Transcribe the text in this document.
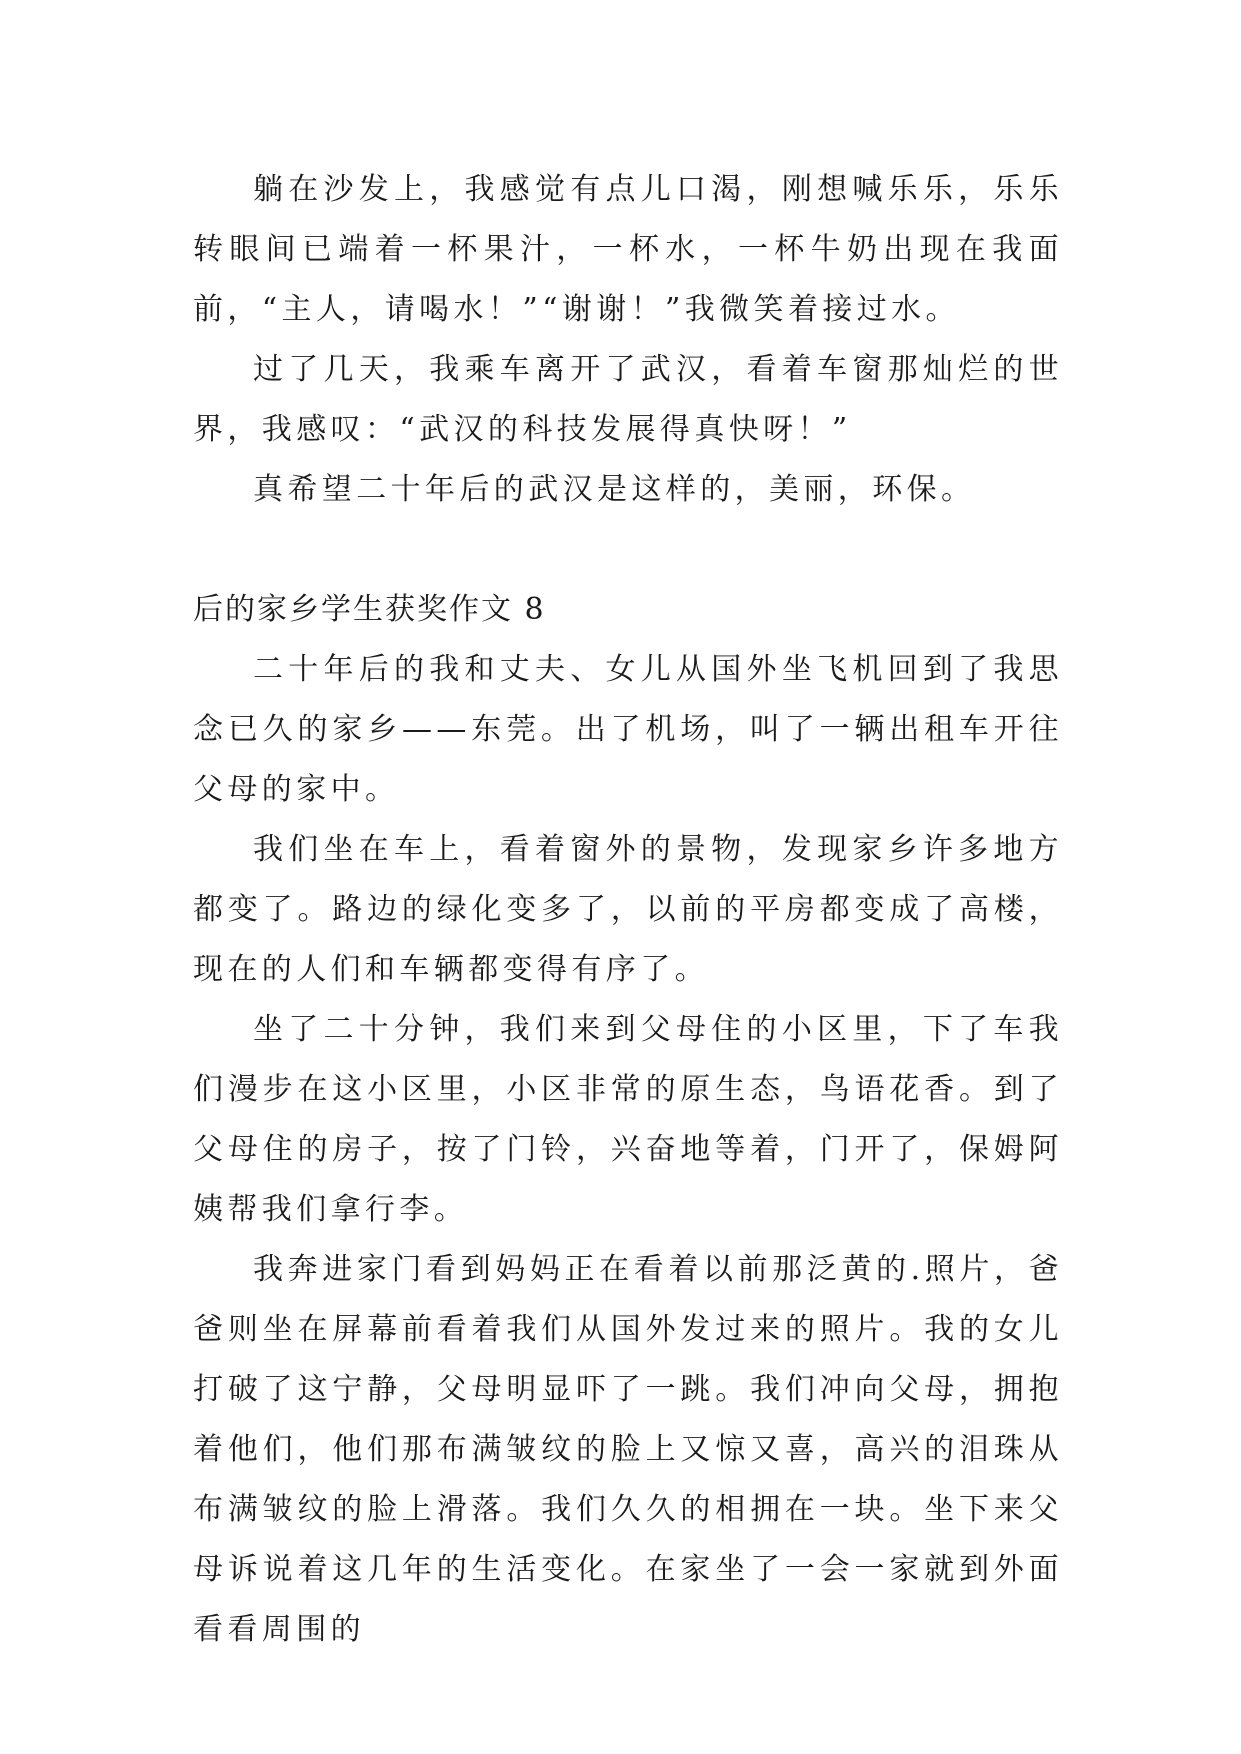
躺在沙发上，我感觉有点儿口渴，刚想喊乐乐，乐乐转眼间已端着一杯果汁，一杯水，一杯牛奶出现在我面前，“主人，请喝水！”“谢谢！”我微笑着接过水。

过了几天，我乘车离开了武汉，看着车窗那灿烂的世界，我感叹：“武汉的科技发展得真快呀！”

真希望二十年后的武汉是这样的，美丽，环保。

后的家乡学生获奖作文 8

二十年后的我和丈夫、女儿从国外坐飞机回到了我思念已久的家乡——东莞。出了机场，叫了一辆出租车开往父母的家中。

我们坐在车上，看着窗外的景物，发现家乡许多地方都变了。路边的绿化变多了，以前的平房都变成了高楼，现在的人们和车辆都变得有序了。

坐了二十分钟，我们来到父母住的小区里，下了车我们漫步在这小区里，小区非常的原生态，鸟语花香。到了父母住的房子，按了门铃，兴奋地等着，门开了，保姆阿姨帮我们拿行李。

我奔进家门看到妈妈正在看着以前那泛黄的.照片，爸爸则坐在屏幕前看着我们从国外发过来的照片。我的女儿打破了这宁静，父母明显吓了一跳。我们冲向父母，拥抱着他们，他们那布满皱纹的脸上又惊又喜，高兴的泪珠从布满皱纹的脸上滑落。我们久久的相拥在一块。坐下来父母诉说着这几年的生活变化。在家坐了一会一家就到外面看看周围的
